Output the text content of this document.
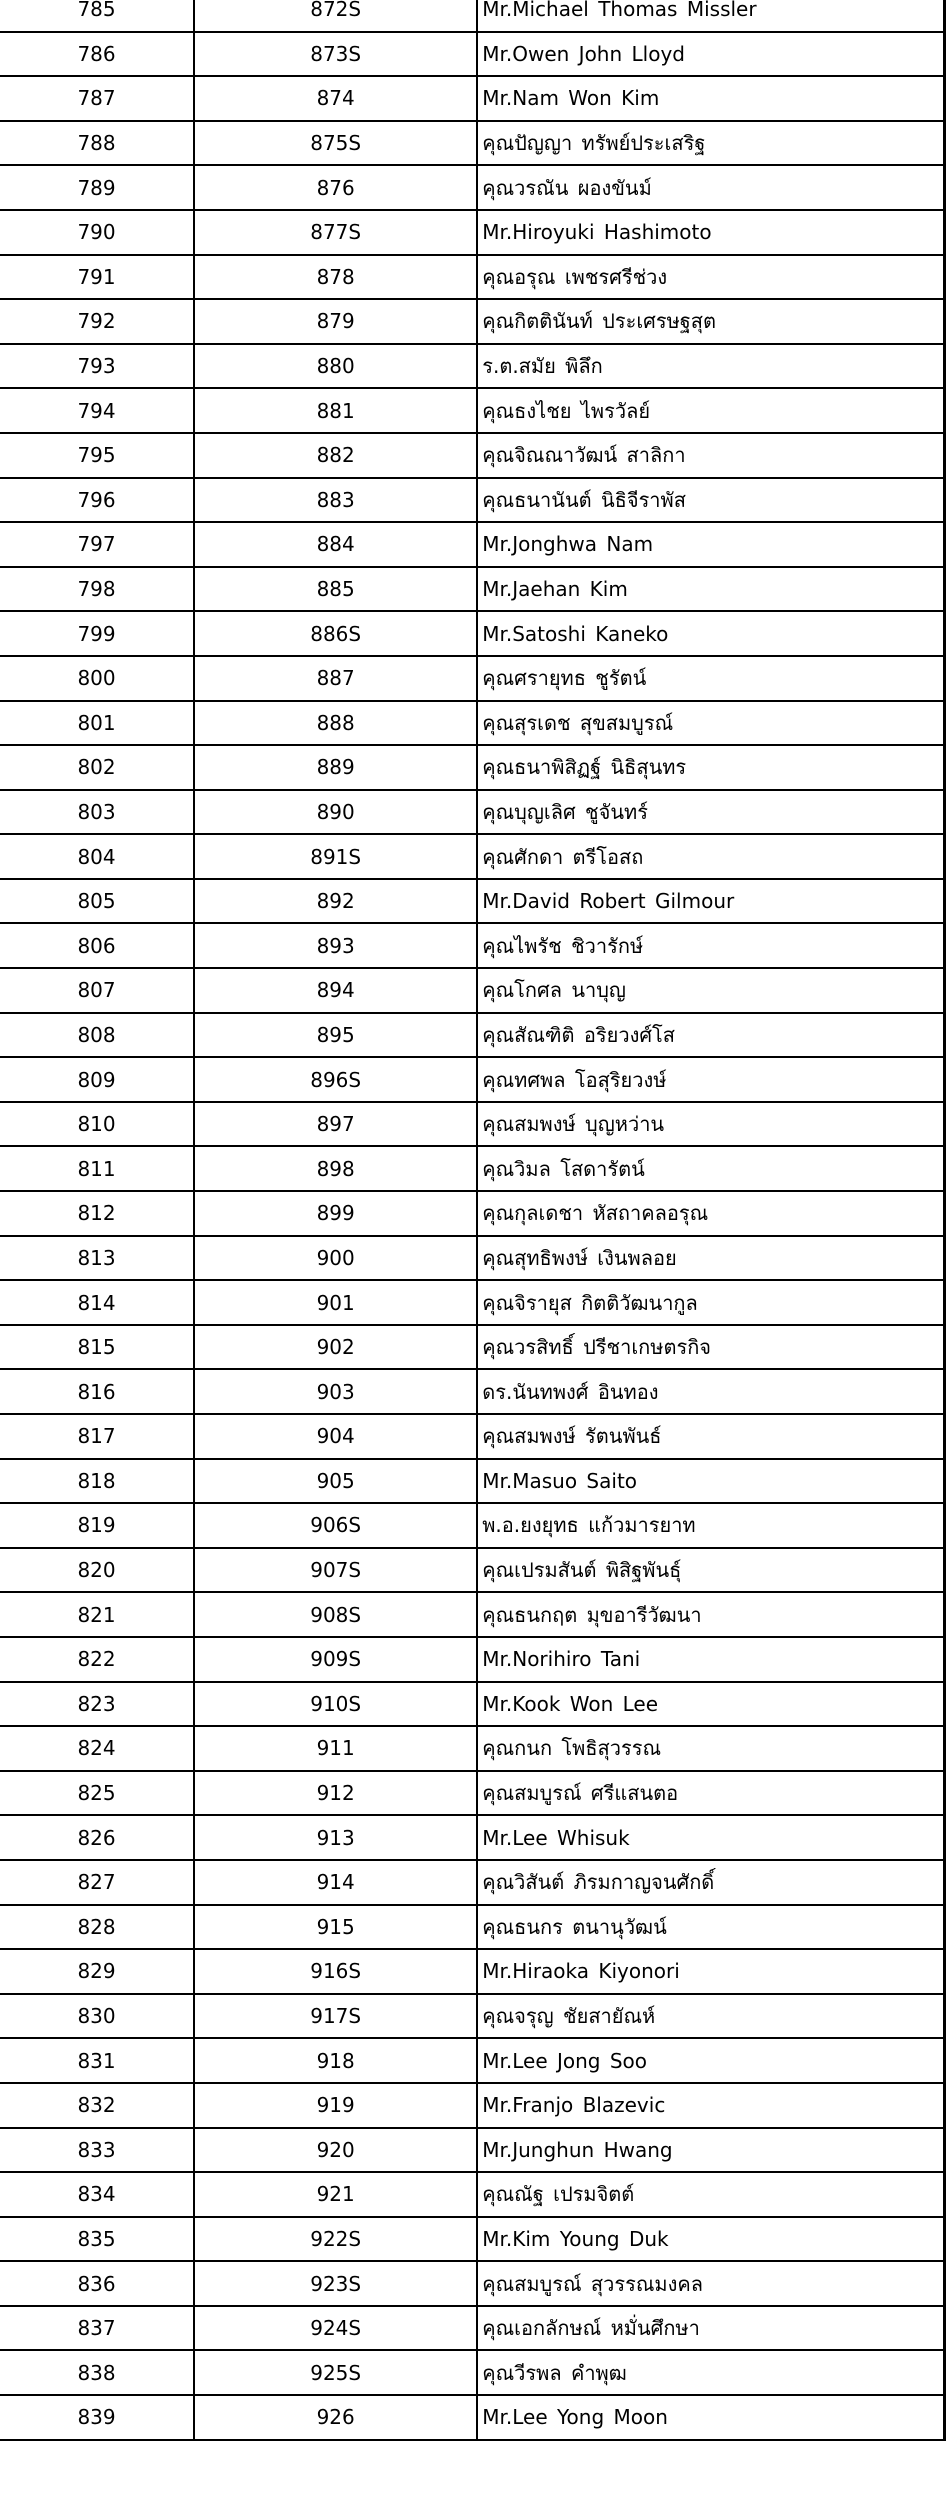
785	872S	Mr.Michael Thomas Missler
786	873S	Mr.Owen John Lloyd
787	874	Mr.Nam Won Kim
788	875S	คุณปัญญา ทรัพย์ประเสริฐ
789	876	คุณวรณัน ผองขันม์
790	877S	Mr.Hiroyuki Hashimoto
791	878	คุณอรุณ เพชรศรีช่วง
792	879	คุณกิตตินันท์ ประเศรษฐสุต
793	880	ร.ต.สมัย พิลึก
794	881	คุณธงไชย ไพรวัลย์
795	882	คุณจิณณาวัฒน์ สาลิกา
796	883	คุณธนานันต์ นิธิจีราพัส
797	884	Mr.Jonghwa Nam
798	885	Mr.Jaehan Kim
799	886S	Mr.Satoshi Kaneko
800	887	คุณศรายุทธ ชูรัตน์
801	888	คุณสุรเดช สุขสมบูรณ์
802	889	คุณธนาพิสิฏฐ์ นิธิสุนทร
803	890	คุณบุญเลิศ ชูจันทร์
804	891S	คุณศักดา ตรีโอสถ
805	892	Mr.David Robert Gilmour
806	893	คุณไพรัช ชิวารักษ์
807	894	คุณโกศล นาบุญ
808	895	คุณสัณฑิติ อริยวงศ์โส
809	896S	คุณทศพล โอสุริยวงษ์
810	897	คุณสมพงษ์ บุญหว่าน
811	898	คุณวิมล โสดารัตน์
812	899	คุณกุลเดชา หัสถาคลอรุณ
813	900	คุณสุทธิพงษ์ เงินพลอย
814	901	คุณจิรายุส กิตติวัฒนากูล
815	902	คุณวรสิทธิ์ ปรีชาเกษตรกิจ
816	903	ดร.นันทพงศ์ อินทอง
817	904	คุณสมพงษ์ รัตนพันธ์
818	905	Mr.Masuo Saito
819	906S	พ.อ.ยงยุทธ แก้วมารยาท
820	907S	คุณเปรมสันต์ พิสิฐพันธุ์
821	908S	คุณธนกฤต มุขอารีวัฒนา
822	909S	Mr.Norihiro Tani
823	910S	Mr.Kook Won Lee
824	911	คุณกนก โพธิสุวรรณ
825	912	คุณสมบูรณ์ ศรีแสนตอ
826	913	Mr.Lee Whisuk
827	914	คุณวิสันต์ ภิรมกาญจนศักดิ์
828	915	คุณธนกร ตนานุวัฒน์
829	916S	Mr.Hiraoka Kiyonori
830	917S	คุณจรุญ ชัยสายัณห์
831	918	Mr.Lee Jong Soo
832	919	Mr.Franjo Blazevic
833	920	Mr.Junghun Hwang
834	921	คุณณัฐ เปรมจิตต์
835	922S	Mr.Kim Young Duk
836	923S	คุณสมบูรณ์ สุวรรณมงคล
837	924S	คุณเอกลักษณ์ หมั่นศึกษา
838	925S	คุณวีรพล คำพุฒ
839	926	Mr.Lee Yong Moon
